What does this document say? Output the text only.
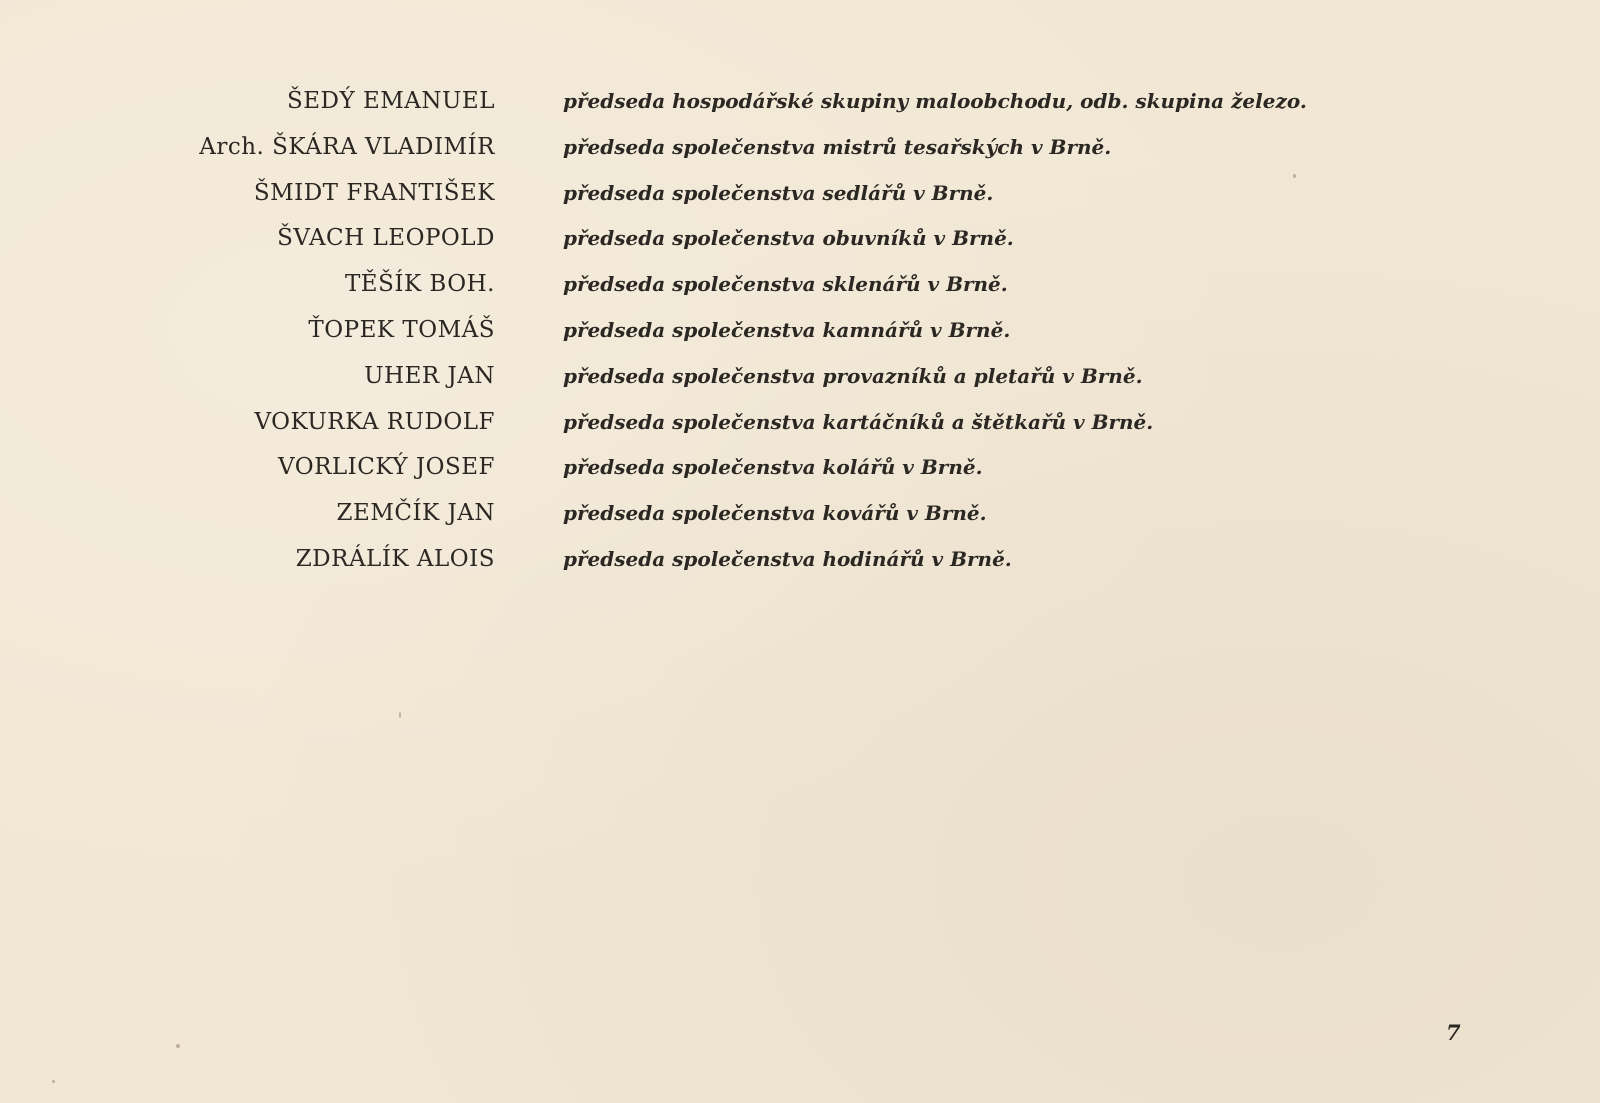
ŠEDÝ EMANUEL	předseda hospodářské skupiny maloobchodu, odb. skupina železo.
Arch. ŠKÁRA VLADIMÍR	předseda společenstva mistrů tesařských v Brně.
ŠMIDT FRANTIŠEK	předseda společenstva sedlářů v Brně.
ŠVACH LEOPOLD	předseda společenstva obuvníků v Brně.
TĚŠÍK BOH.	předseda společenstva sklenářů v Brně.
ŤOPEK TOMÁŠ	předseda společenstva kamnářů v Brně.
UHER JAN	předseda společenstva provazníků a pletařů v Brně.
VOKURKA RUDOLF	předseda společenstva kartáčníků a štětkařů v Brně.
VORLICKÝ JOSEF	předseda společenstva kolářů v Brně.
ZEMČÍK JAN	předseda společenstva kovářů v Brně.
ZDRÁLÍK ALOIS	předseda společenstva hodinářů v Brně.
7
